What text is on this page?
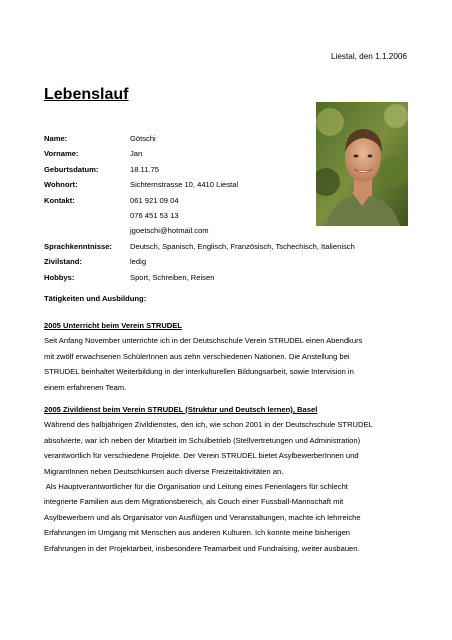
Liestal, den 1.1.2006
Lebenslauf
Name:	Götschi
Vorname:	Jan
Geburtsdatum:	18.11.75
Wohnort:	Sichternstrasse 10, 4410 Liestal
Kontakt:	061 921 09 04
076 451 53 13
jgoetschi@hotmail.com
Sprachkenntnisse:	Deutsch, Spanisch, Englisch, Französisch, Tschechisch, Italienisch
Zivilstand:	ledig
Hobbys:	Sport, Schreiben, Reisen
Tätigkeiten und Ausbildung:
2005 Unterricht beim Verein STRUDEL

Seit Anfang November unterrichte ich in der Deutschschule Verein STRUDEL einen Abendkurs

mit zwölf erwachsenen SchülerInnen aus zehn verschiedenen Nationen. Die Anstellung bei

STRUDEL beinhaltet Weiterbildung in der interkulturellen Bildungsarbeit, sowie Intervision in

einem erfahrenen Team.

2005 Zivildienst beim Verein STRUDEL (Struktur und Deutsch lernen), Basel

Während des halbjährigen Zivildienstes, den ich, wie schon 2001 in der Deutschschule STRUDEL

absolvierte, war ich neben der Mitarbeit im Schulbetrieb (Stellvertretungen und Administration)

verantwortlich für verschiedene Projekte. Der Verein STRUDEL bietet AsylbewerberInnen und

MigrantInnen neben Deutschkursen auch diverse Freizeitaktivitäten an.

Als Hauptverantwortlicher für die Organisation und Leitung eines Ferienlagers für schlecht

integrierte Familien aus dem Migrationsbereich, als Couch einer Fussball-Mannschaft mit

Asylbewerbern und als Organisator von Ausflügen und Veranstaltungen, machte ich lehrreiche

Erfahrungen im Umgang mit Menschen aus anderen Kulturen. Ich konnte meine bisherigen

Erfahrungen in der Projektarbeit, insbesondere Teamarbeit und Fundraising, weiter ausbauen.
